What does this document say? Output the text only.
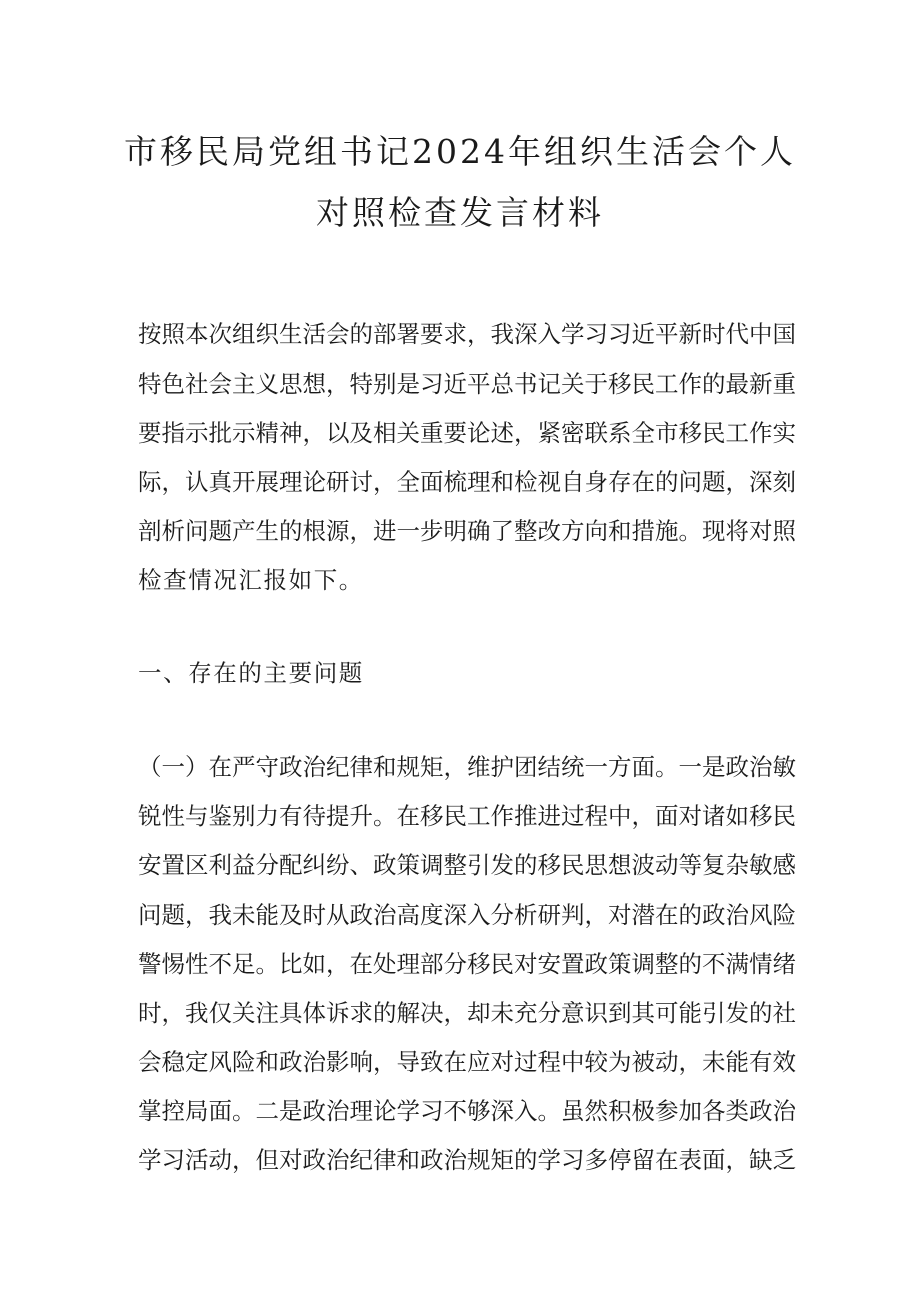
市移民局党组书记2024年组织生活会个人
对照检查发言材料
按照本次组织生活会的部署要求，我深入学习习近平新时代中国
特色社会主义思想，特别是习近平总书记关于移民工作的最新重
要指示批示精神，以及相关重要论述，紧密联系全市移民工作实
际，认真开展理论研讨，全面梳理和检视自身存在的问题，深刻
剖析问题产生的根源，进一步明确了整改方向和措施。现将对照
检查情况汇报如下。
一、存在的主要问题
（一）在严守政治纪律和规矩，维护团结统一方面。一是政治敏
锐性与鉴别力有待提升。在移民工作推进过程中，面对诸如移民
安置区利益分配纠纷、政策调整引发的移民思想波动等复杂敏感
问题，我未能及时从政治高度深入分析研判，对潜在的政治风险
警惕性不足。比如，在处理部分移民对安置政策调整的不满情绪
时，我仅关注具体诉求的解决，却未充分意识到其可能引发的社
会稳定风险和政治影响，导致在应对过程中较为被动，未能有效
掌控局面。二是政治理论学习不够深入。虽然积极参加各类政治
学习活动，但对政治纪律和政治规矩的学习多停留在表面，缺乏
